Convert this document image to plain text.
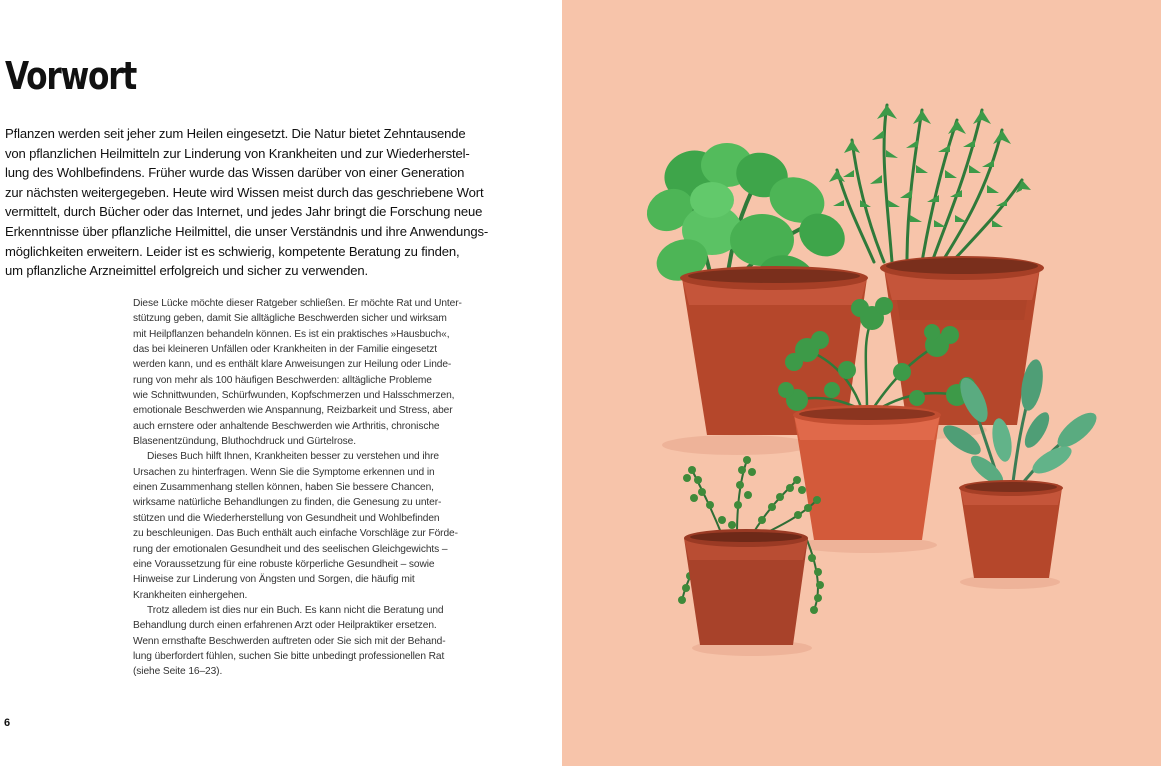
Vorwort
Pflanzen werden seit jeher zum Heilen eingesetzt. Die Natur bietet Zehntausende
von pflanzlichen Heilmitteln zur Linderung von Krankheiten und zur Wiederherstel-
lung des Wohlbefindens. Früher wurde das Wissen darüber von einer Generation
zur nächsten weitergegeben. Heute wird Wissen meist durch das geschriebene Wort
vermittelt, durch Bücher oder das Internet, und jedes Jahr bringt die Forschung neue
Erkenntnisse über pflanzliche Heilmittel, die unser Verständnis und ihre Anwendungs-
möglichkeiten erweitern. Leider ist es schwierig, kompetente Beratung zu finden,
um pflanzliche Arzneimittel erfolgreich und sicher zu verwenden.
Diese Lücke möchte dieser Ratgeber schließen. Er möchte Rat und Unter-
stützung geben, damit Sie alltägliche Beschwerden sicher und wirksam
mit Heilpflanzen behandeln können. Es ist ein praktisches »Hausbuch«,
das bei kleineren Unfällen oder Krankheiten in der Familie eingesetzt
werden kann, und es enthält klare Anweisungen zur Heilung oder Linde-
rung von mehr als 100 häufigen Beschwerden: alltägliche Probleme
wie Schnittwunden, Schürfwunden, Kopfschmerzen und Halsschmerzen,
emotionale Beschwerden wie Anspannung, Reizbarkeit und Stress, aber
auch ernstere oder anhaltende Beschwerden wie Arthritis, chronische
Blasenentzündung, Bluthochdruck und Gürtelrose.
Dieses Buch hilft Ihnen, Krankheiten besser zu verstehen und ihre
Ursachen zu hinterfragen. Wenn Sie die Symptome erkennen und in
einen Zusammenhang stellen können, haben Sie bessere Chancen,
wirksame natürliche Behandlungen zu finden, die Genesung zu unter-
stützen und die Wiederherstellung von Gesundheit und Wohlbefinden
zu beschleunigen. Das Buch enthält auch einfache Vorschläge zur Förde-
rung der emotionalen Gesundheit und des seelischen Gleichgewichts –
eine Voraussetzung für eine robuste körperliche Gesundheit – sowie
Hinweise zur Linderung von Ängsten und Sorgen, die häufig mit
Krankheiten einhergehen.
Trotz alledem ist dies nur ein Buch. Es kann nicht die Beratung und
Behandlung durch einen erfahrenen Arzt oder Heilpraktiker ersetzen.
Wenn ernsthafte Beschwerden auftreten oder Sie sich mit der Behand-
lung überfordert fühlen, suchen Sie bitte unbedingt professionellen Rat
(siehe Seite 16–23).
6
